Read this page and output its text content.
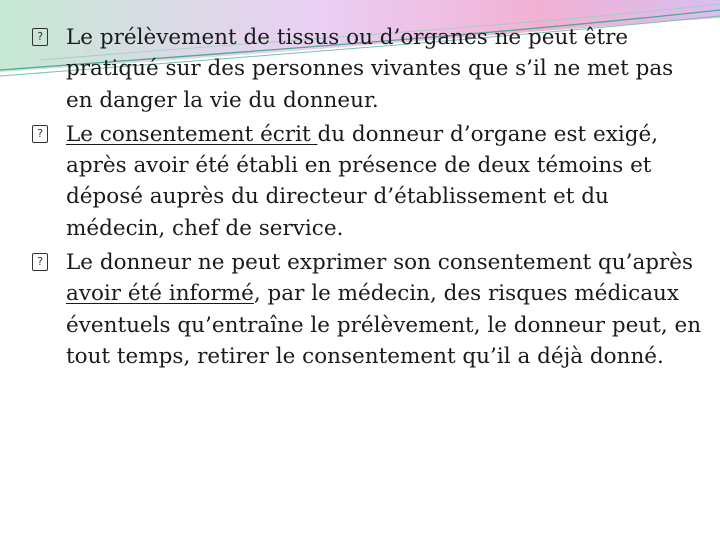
? Le prélèvement de tissus ou d’organes ne peut être pratiqué sur des personnes vivantes que s’il ne met pas en danger la vie du donneur.

? Le consentement écrit du donneur d’organe est exigé, après avoir été établi en présence de deux témoins et déposé auprès du directeur d’établissement et du médecin, chef de service.

? Le donneur ne peut exprimer son consentement qu’après avoir été informé, par le médecin, des risques médicaux éventuels qu’entraîne le prélèvement, le donneur peut, en tout temps, retirer le consentement qu’il a déjà donné.
